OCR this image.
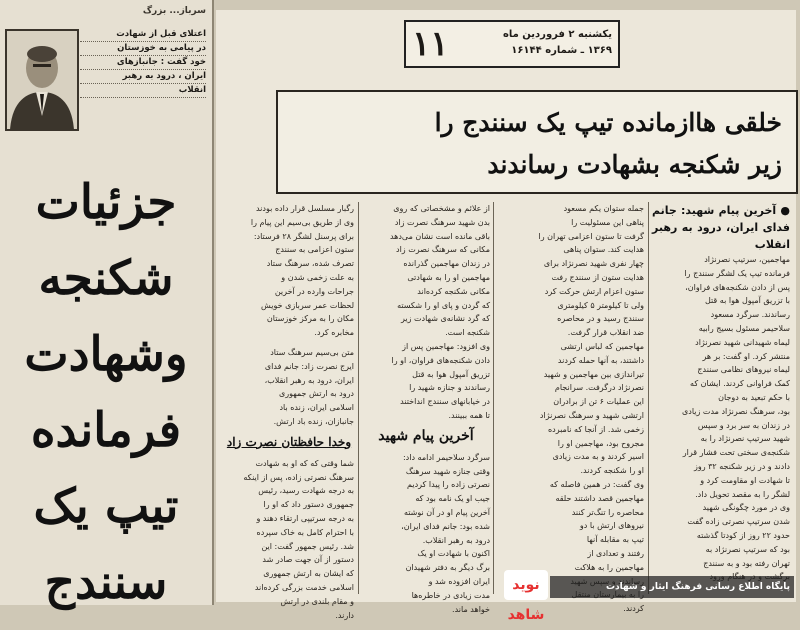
سرباز... بزرگ
اعتلای قبل از شهادت
در پیامی به خوزستان
خود گفت : جانبازهای
ایران ، درود به رهبر
انقلاب
جزئیات
شکنجه
وشهادت
فرمانده
تیپ یک
سنندج
۱۱	یکشنبه ۲ فروردین ماه
۱۳۶۹ ـ شماره ۱۶۱۴۴
خلقی هاازمانده تیپ یک سنندج را
زیر شکنجه بشهادت رساندند
● آخرین پیام شهید: جانم فدای ایران، درود به رهبر انقلاب
مهاجمین، سرتیپ نصرنژاد
فرمانده تیپ یک لشگر سنندج را
پس از دادن شکنجه‌های فراوان،
با تزریق آمپول هوا به قتل
رساندند. سرگرد مسعود
سلاحیمر مسئول بسیج رابیه
لیماه شهیدانی شهید نصرنژاد
منتشر کرد. او گفت: بر هر
لیماه نیروهای نظامی سنندج
کمک فراوانی کردند. ایشان که
با حکم تبعید به دوجان
بود، سرهنگ نصرنژاد مدت زیادی
در زندان به سر برد و سپس
شهید سرتیپ نصرنژاد را به
شکنجه‌ی سختی تحت فشار قرار
دادند و در زیر شکنجه ۳۲ روز
تا شهادت او مقاومت کرد و
لشگر را به مقصد تحویل داد.
وی در مورد چگونگی شهید
شدن سرتیپ نصرتی زاده گفت
حدود ۲۲ روز از کودتا گذشته
بود که سرتیپ نصرنژاد به
تهران رفته بود و به سنندج
جمله ستوان یکم مسعود
پناهی این مسئولیت را
گرفت تا ستون اعزامی تهران را
هدایت کند. ستوان پناهی
چهار نفری شهید نصرنژاد برای
هدایت ستون از سنندج رفت
ستون اعزام ارتش حرکت کرد
ولی تا کیلومتر ۵ کیلومتری
سنندج رسید و در محاصره
ضد انقلاب قرار گرفت.
مهاجمین که لباس ارتشی
داشتند، به آنها حمله کردند
تیراندازی بین مهاجمین و شهید
نصرنژاد درگرفت. سرانجام
این عملیات ۶ تن از برادران
ارتشی شهید و سرهنگ نصرنژاد
زخمی شد. از آنجا که نامبرده
مجروح بود، مهاجمین او را
اسیر کردند و به مدت زیادی
او را شکنجه کردند.
وی گفت: در همین فاصله که
مهاجمین قصد داشتند حلقه
محاصره را تنگ‌تر کنند
نیروهای ارتش با دو
تیپ به مقابله آنها
رفتند و تعدادی از
مهاجمین را به هلاکت
کردند.
از علائم و مشخصاتی که روی
بدن شهید سرهنگ نصرت زاد
باقی مانده است نشان می‌دهد
مکانی که سرهنگ نصرت زاد
در زندان مهاجمین گذرانده
مهاجمین او را به شهادتی
مکانی شکنجه کرده‌اند
که گردن و پای او را شکسته
که گرد نشانه‌ی شهادت زیر
شکنجه است.
وی افزود: مهاجمین پس از
دادن شکنجه‌های فراوان، او را
تزریق آمپول هوا به قتل
رساندند و جنازه شهید را
در خیابانهای سنندج انداختند
تا همه ببینند.
آخرین پیام شهید
سرگرد سلاحیمر ادامه داد:
وقتی جنازه شهید سرهنگ
نصرتی زاده را پیدا کردیم
جیب او یک نامه بود که
آخرین پیام او در آن نوشته
شده بود: جانم فدای ایران،
درود به رهبر انقلاب.
اکنون با شهادت او یک
برگ دیگر به دفتر شهیدان
ایران افزوده شد و
مدت زیادی در خاطره‌ها
خواهد ماند.
رگبار مسلسل قرار داده بودند
وی از طریق بی‌سیم این پیام را
برای پرسنل لشگر ۲۸ فرستاد:
ستون اعزامی به سنندج
تصرف شده، سرهنگ ستاد
به علت زخمی شدن و
جراحات وارده در آخرین
لحظات عمر سربازی خویش
مکان را به مرکز خوزستان
مخابره کرد.
متن بی‌سیم سرهنگ ستاد
ایرج نصرت زاد: جانم فدای
ایران، درود به رهبر انقلاب،
درود به ارتش جمهوری
اسلامی ایران، زنده باد
جانبازان، زنده باد ارتش.
وخدا حافظتان نصرت زاد
شما وقتی که که او به شهادت
سرهنگ نصرتی زاده، پس از اینکه
به درجه شهادت رسید، رئیس
جمهوری دستور داد که او را
به درجه سرتیپی ارتقاء دهند و
با احترام کامل به خاک سپرده
شد. رئیس جمهور گفت: این
دستور از آن جهت صادر شد
که ایشان به ارتش جمهوری
اسلامی خدمت بزرگی کرده‌اند
و مقام بلندی در ارتش
دارند.
نوید شاهد
پایگاه اطلاع رسانی فرهنگ ایثار و شهادت
